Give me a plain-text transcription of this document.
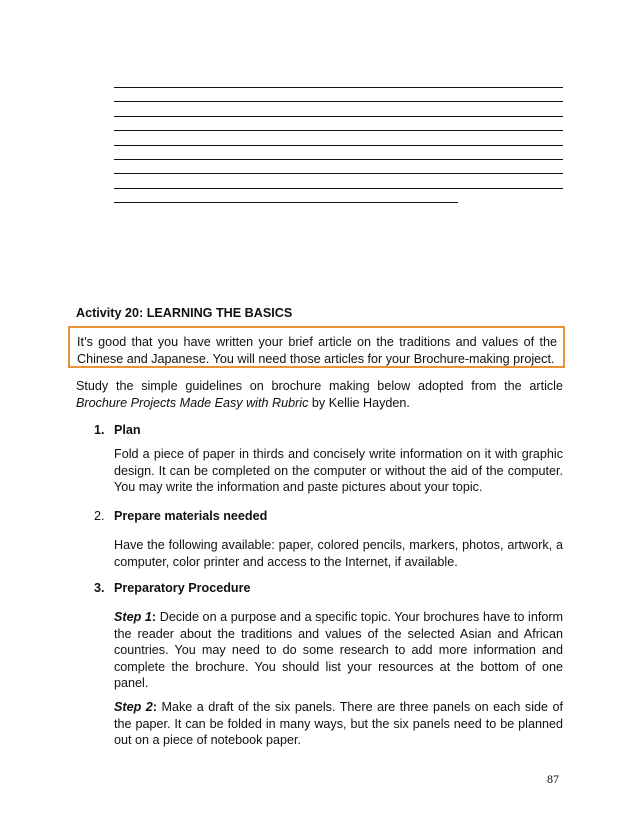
Activity 20: LEARNING THE BASICS
It’s good that you have written your brief article on the traditions and values of the Chinese and Japanese. You will need those articles for your Brochure-making project.
Study the simple guidelines on brochure making below adopted from the article Brochure Projects Made Easy with Rubric by Kellie Hayden.
1. Plan
Fold a piece of paper in thirds and concisely write information on it with graphic design. It can be completed on the computer or without the aid of the computer. You may write the information and paste pictures about your topic.
2. Prepare materials needed
Have the following available: paper, colored pencils, markers, photos, artwork, a computer, color printer and access to the Internet, if available.
3. Preparatory Procedure
Step 1: Decide on a purpose and a specific topic. Your brochures have to inform the reader about the traditions and values of the selected Asian and African countries. You may need to do some research to add more information and complete the brochure. You should list your resources at the bottom of one panel.
Step 2: Make a draft of the six panels. There are three panels on each side of the paper. It can be folded in many ways, but the six panels need to be planned out on a piece of notebook paper.
87
